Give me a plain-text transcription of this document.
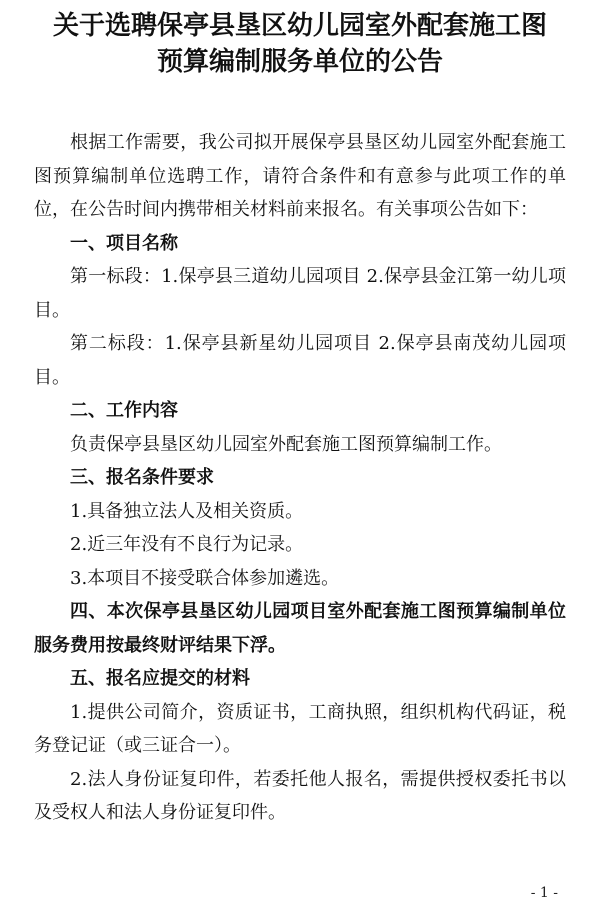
关于选聘保亭县垦区幼儿园室外配套施工图
预算编制服务单位的公告

根据工作需要，我公司拟开展保亭县垦区幼儿园室外配套施工图预算编制单位选聘工作，请符合条件和有意参与此项工作的单位，在公告时间内携带相关材料前来报名。有关事项公告如下：

一、项目名称

第一标段：1.保亭县三道幼儿园项目 2.保亭县金江第一幼儿项目。

第二标段：1.保亭县新星幼儿园项目 2.保亭县南茂幼儿园项目。

二、工作内容

负责保亭县垦区幼儿园室外配套施工图预算编制工作。

三、报名条件要求

1.具备独立法人及相关资质。

2.近三年没有不良行为记录。

3.本项目不接受联合体参加遴选。

四、本次保亭县垦区幼儿园项目室外配套施工图预算编制单位服务费用按最终财评结果下浮。

五、报名应提交的材料

1.提供公司简介，资质证书，工商执照，组织机构代码证，税务登记证（或三证合一）。

2.法人身份证复印件，若委托他人报名，需提供授权委托书以及受权人和法人身份证复印件。

- 1 -
